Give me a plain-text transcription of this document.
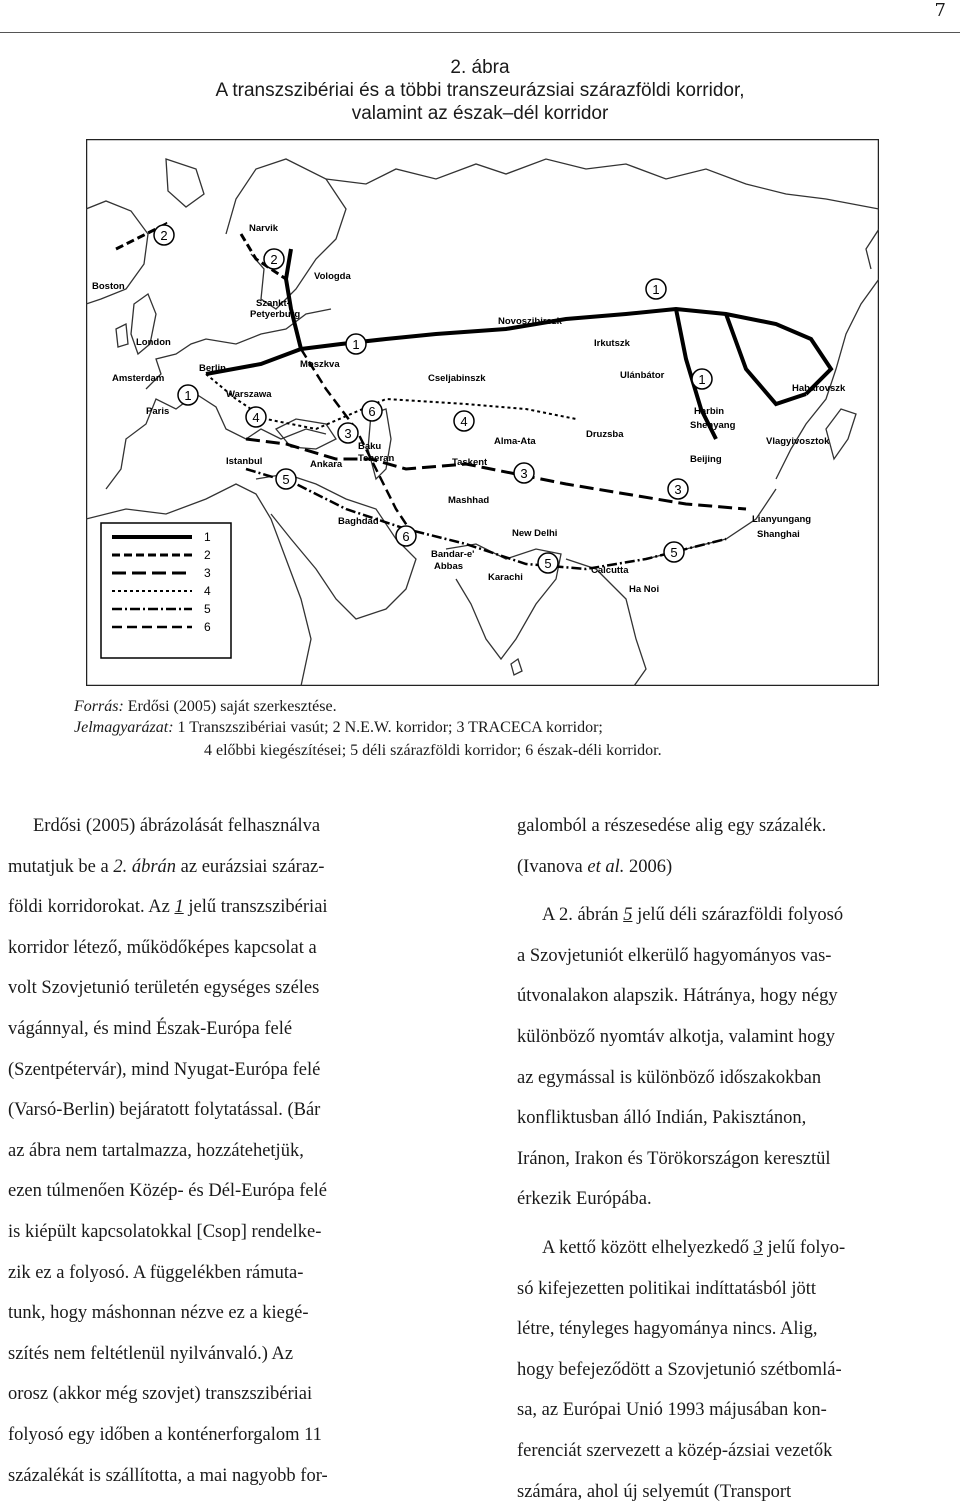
7
2. ábra
A transzszibériai és a többi transzeurázsiai szárazföldi korridor,
valamint az észak–dél korridor
2
2
1
1
1
1
4	6
4
3
5	3
3
6
5
5
Boston
Narvik
London
Amsterdam
Paris
Berlin
Warszawa
Vologda
Szankt-
Petyerburg
Moszkva
Istanbul	Ankara
Baku
Teheran
Baghdad
Novoszibirszk
Cseljabinszk
Irkutszk
Ulánbátor
Habarovszk
Harbin
Shenyang
Vlagyivosztok
Beijing
Druzsba
Alma-Ata
Taskent
Mashhad
New Delhi
Bandar-e'
Abbas
Karachi
Calcutta
Ha Noi
Lianyungang
Shanghai
1
2
3
4
5
6
Forrás: Erdősi (2005) saját szerkesztése.
Jelmagyarázat: 1 Transzszibériai vasút; 2 N.E.W. korridor; 3 TRACECA korridor;
4 előbbi kiegészítései; 5 déli szárazföldi korridor; 6 észak-déli korridor.

Erdősi (2005) ábrázolását felhasználva

mutatjuk be a 2. ábrán az eurázsiai száraz-

földi korridorokat. Az 1 jelű transzszibériai

korridor létező, működőképes kapcsolat a

volt Szovjetunió területén egységes széles

vágánnyal, és mind Észak-Európa felé

(Szentpétervár), mind Nyugat-Európa felé

(Varsó-Berlin) bejáratott folytatással. (Bár

az ábra nem tartalmazza, hozzátehetjük,

ezen túlmenően Közép- és Dél-Európa felé

is kiépült kapcsolatokkal [Csop] rendelke-

zik ez a folyosó. A függelékben rámuta-

tunk, hogy máshonnan nézve ez a kiegé-

szítés nem feltétlenül nyilvánvaló.) Az

orosz (akkor még szovjet) transzszibériai

folyosó egy időben a konténerforgalom 11

százalékát is szállította, a mai nagyobb for-

galomból a részesedése alig egy százalék.

(Ivanova et al. 2006)

A 2. ábrán 5 jelű déli szárazföldi folyosó

a Szovjetuniót elkerülő hagyományos vas-

útvonalakon alapszik. Hátránya, hogy négy

különböző nyomtáv alkotja, valamint hogy

az egymással is különböző időszakokban

konfliktusban álló Indián, Pakisztánon,

Iránon, Irakon és Törökországon keresztül

érkezik Európába.

A kettő között elhelyezkedő 3 jelű folyo-

só kifejezetten politikai indíttatásból jött

létre, tényleges hagyománya nincs. Alig,

hogy befejeződött a Szovjetunió szétbomlá-

sa, az Európai Unió 1993 májusában kon-

ferenciát szervezett a közép-ázsiai vezetők

számára, ahol új selyemút (Transport
